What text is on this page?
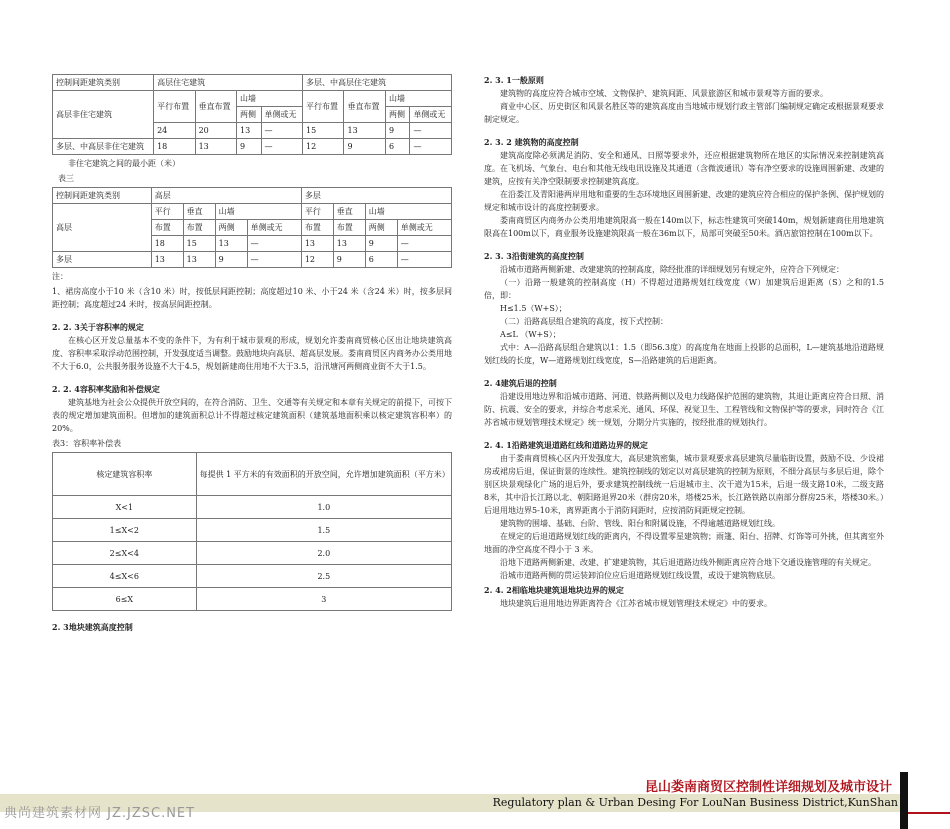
控制间距建筑类别	高层住宅建筑				多层、中高层住宅建筑			
高层非住宅建筑	平行布置	垂直布置	山墙		平行布置	垂直布置	山墙	
			两侧	单侧或无			两侧	单侧或无
	24	20	13	—	15	13	9	—
多层、中高层非住宅建筑	18	13	9	—	12	9	6	—
非住宅建筑之间的最小距（米）
表三
控制间距建筑类别	高层				多层			
高层	平行	垂直	山墙		平行	垂直	山墙	
	布置	布置	两侧	单侧或无	布置	布置	两侧	单侧或无
	18	15	13	—	13	13	9	—
多层	13	13	9	—	12	9	6	—
注：
1、裙房高度小于10 米（含10 米）时，按低层间距控制；高度超过10 米、小于24 米（含24 米）时，按多层间距控制；高度超过24 米时，按高层间距控制。
2. 2. 3关于容积率的规定
在核心区开发总量基本不变的条件下，为有利于城市景观的形成，规划允许娄南商贸核心区出让地块建筑高度、容积率采取浮动范围控制，开发强度适当调整。鼓励地块向高层、超高层发展。娄南商贸区内商务办公类用地不大于6.0，公共服务服务设施不大于4.5，规划新建商住用地不大于3.5，沿汛塘河两侧商业街不大于1.5。
2. 2. 4容积率奖励和补偿规定
建筑基地为社会公众提供开放空间的，在符合消防、卫生、交通等有关规定和本章有关规定的前提下，可按下表的规定增加建筑面积。但增加的建筑面积总计不得超过核定建筑面积（建筑基地面积乘以核定建筑容积率）的20%。
表3：容积率补偿表
核定建筑容积率	每提供 1 平方米的有效面积的开放空间，允许增加建筑面积（平方米）
X<1	1.0
1≤X<2	1.5
2≤X<4	2.0
4≤X<6	2.5
6≤X	3
2. 3地块建筑高度控制
2. 3. 1一般原则
建筑物的高度应符合城市空域、文物保护、建筑间距、风景旅游区和城市景观等方面的要求。
商业中心区、历史街区和风景名胜区等的建筑高度由当地城市规划行政主管部门编制规定确定或根据景观要求制定规定。
2. 3. 2 建筑物的高度控制
建筑高度除必须满足消防、安全和通风、日照等要求外，还应根据建筑物所在地区的实际情况来控制建筑高度。在飞机场、气象台、电台和其他无线电讯设施及其通道（含微波通讯）等有净空要求的设施周围新建、改建的建筑，应按有关净空限制要求控制建筑高度。
在沿娄江及青阳港两岸用地和重要的生态环境地区周围新建、改建的建筑应符合相应的保护条例、保护规划的规定和城市设计的高度控制要求。
娄南商贸区内商务办公类用地建筑限高一般在140m以下，标志性建筑可突破140m，规划新建商住用地建筑限高在100m以下，商业服务设施建筑限高一般在36m以下，局部可突破至50米。酒店旅馆控制在100m以下。
2. 3. 3沿街建筑的高度控制
沿城市道路两侧新建、改建建筑的控制高度，除经批准的详细规划另有规定外，应符合下列规定：
（一）沿路一般建筑的控制高度（H）不得超过道路规划红线宽度（W）加建筑后退距离（S）之和的1.5倍，即：
H≤1.5（W+S）；
（二）沿路高层组合建筑的高度，按下式控制：
A≤L （W+S）；
式中：A—沿路高层组合建筑以1：1.5（即56.3度）的高度角在地面上投影的总面积，L—建筑基地沿道路规划红线的长度，W—道路规划红线宽度，S—沿路建筑的后退距离。
2. 4建筑后退的控制
沿建设用地边界和沿城市道路、河道、铁路两侧以及电力线路保护范围的建筑物，其退让距离应符合日照、消防、抗震、安全的要求，并综合考虑采光、通风、环保、视觉卫生、工程管线和文物保护等的要求，同时符合《江苏省城市规划管理技术规定》统一规划，分期分片实施的，按经批准的规划执行。
2. 4. 1沿路建筑退道路红线和道路边界的规定
由于娄南商贸核心区内开发强度大，高层建筑密集，城市景观要求高层建筑尽量临街设置，鼓励不设、少设裙房或裙房后退，保证街景的连续性。建筑控制线的划定以对高层建筑的控制为原则，不细分高层与多层后退，除个别区块景观绿化广场的退后外，要求建筑控制线统一后退城市主、次干道为15米，后退一级支路10米，二级支路8米，其中沿长江路以北、朝阳路退界20米（群房20米，塔楼25米，长江路铁路以南部分群房25米，塔楼30米。）后退用地边界5-10米，离界距离小于消防间距时，应按消防间距规定控制。
建筑物的围墙、基础、台阶、管线、阳台和附属设施，不得逾越道路规划红线。
在规定的后退道路规划红线的距离内，不得设置零星建筑物；雨篷、阳台、招牌、灯饰等可外挑，但其离室外地面的净空高度不得小于 3 米。
沿地下道路两侧新建、改建、扩建建筑物，其后退道路边线外侧距离应符合地下交通设施管理的有关规定。
沿城市道路两侧的贯运装卸泊位应后退道路规划红线设置，或设于建筑物底层。
2. 4. 2相临地块建筑退地块边界的规定
地块建筑后退用地边界距离符合《江苏省城市规划管理技术规定》中的要求。
昆山娄南商贸区控制性详细规划及城市设计
Regulatory plan & Urban Desing For LouNan Business District,KunShan
典尚建筑素材网 JZ.JZSC.NET
